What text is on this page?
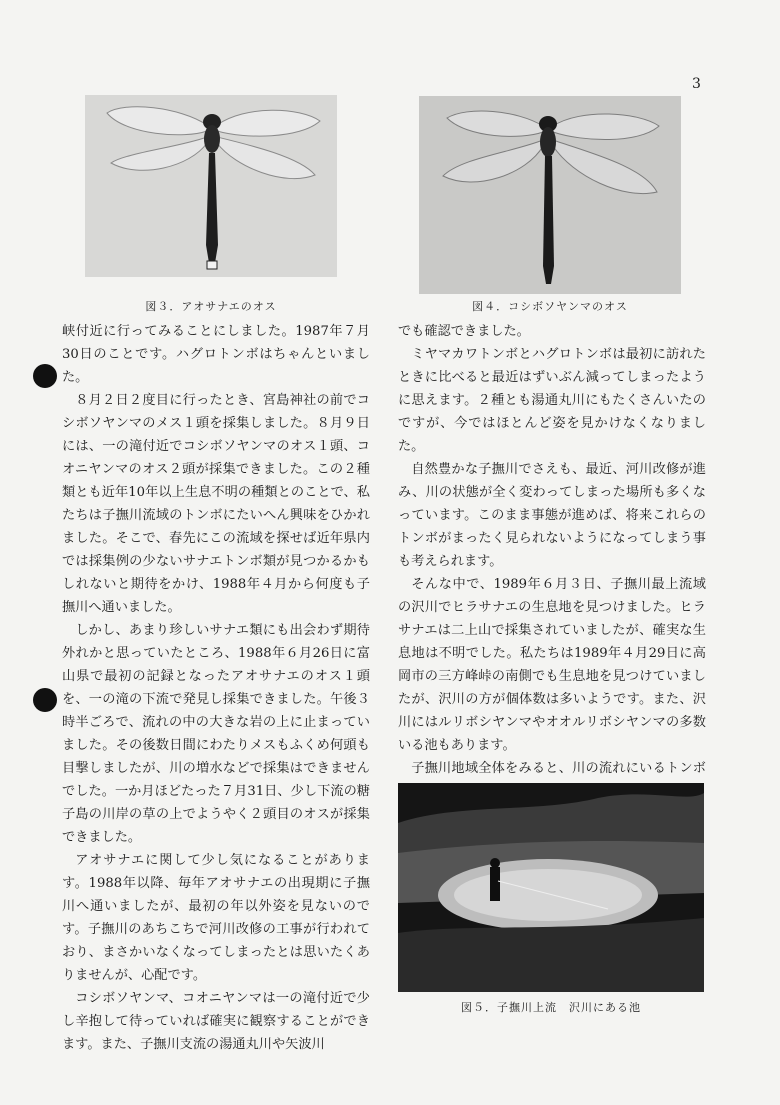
3
図３．アオサナエのオス	図４．コシボソヤンマのオス

峡付近に行ってみることにしました。1987年７月30日のことです。ハグロトンボはちゃんといました。

８月２日２度目に行ったとき、宮島神社の前でコシボソヤンマのメス１頭を採集しました。８月９日には、一の滝付近でコシボソヤンマのオス１頭、コオニヤンマのオス２頭が採集できました。この２種類とも近年10年以上生息不明の種類とのことで、私たちは子撫川流域のトンボにたいへん興味をひかれました。そこで、春先にこの流域を探せば近年県内では採集例の少ないサナエトンボ類が見つかるかもしれないと期待をかけ、1988年４月から何度も子撫川へ通いました。

しかし、あまり珍しいサナエ類にも出会わず期待外れかと思っていたところ、1988年６月26日に富山県で最初の記録となったアオサナエのオス１頭を、一の滝の下流で発見し採集できました。午後３時半ごろで、流れの中の大きな岩の上に止まっていました。その後数日間にわたりメスもふくめ何頭も目撃しましたが、川の増水などで採集はできませんでした。一か月ほどたった７月31日、少し下流の糖子島の川岸の草の上でようやく２頭目のオスが採集できました。

アオサナエに関して少し気になることがあります。1988年以降、毎年アオサナエの出現期に子撫川へ通いましたが、最初の年以外姿を見ないのです。子撫川のあちこちで河川改修の工事が行われており、まさかいなくなってしまったとは思いたくありませんが、心配です。

コシボソヤンマ、コオニヤンマは一の滝付近で少し辛抱して待っていれば確実に観察することができます。また、子撫川支流の湯通丸川や矢波川

でも確認できました。

ミヤマカワトンボとハグロトンボは最初に訪れたときに比べると最近はずいぶん減ってしまったように思えます。２種とも湯通丸川にもたくさんいたのですが、今ではほとんど姿を見かけなくなりました。

自然豊かな子撫川でさえも、最近、河川改修が進み、川の状態が全く変わってしまった場所も多くなっています。このまま事態が進めば、将来これらのトンボがまったく見られないようになってしまう事も考えられます。

そんな中で、1989年６月３日、子撫川最上流域の沢川でヒラサナエの生息地を見つけました。ヒラサナエは二上山で採集されていましたが、確実な生息地は不明でした。私たちは1989年４月29日に高岡市の三方峰峠の南側でも生息地を見つけていましたが、沢川の方が個体数は多いようです。また、沢川にはルリボシヤンマやオオルリボシヤンマの多数いる池もあります。

子撫川地域全体をみると、川の流れにいるトンボ

図５．子撫川上流　沢川にある池
